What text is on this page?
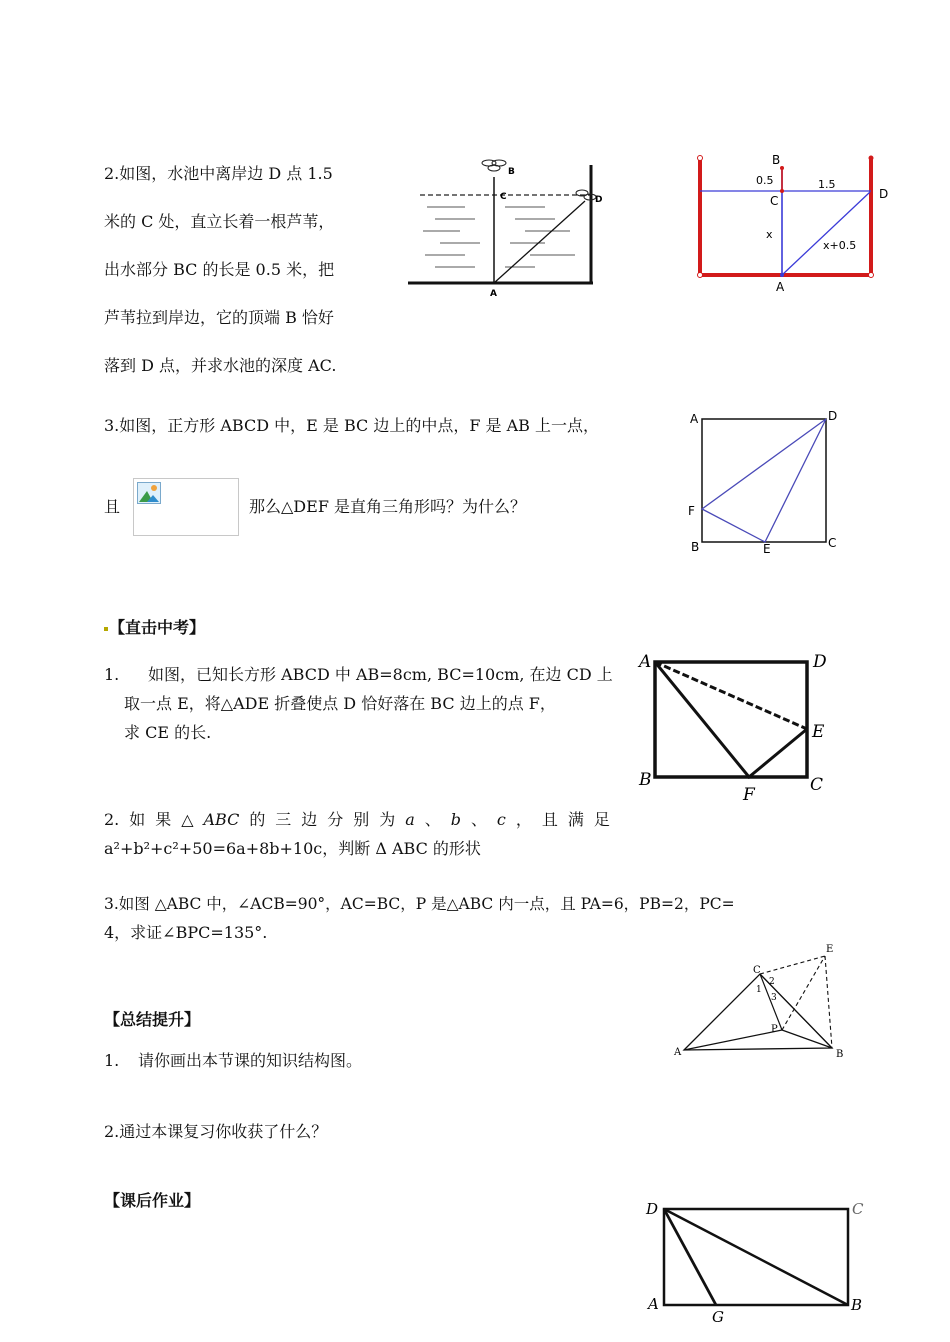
2.如图，水池中离岸边 D 点 1.5
米的 C 处，直立长着一根芦苇，
出水部分 BC 的长是 0.5 米，把
芦苇拉到岸边，它的顶端 B 恰好
落到 D 点，并求水池的深度 AC.
B
C	D
A
B
0.5	1.5
D
C
x
x+0.5
A
3.如图，正方形 ABCD 中，E 是 BC 边上的中点，F 是 AB 上一点，
且	那么△DEF 是直角三角形吗？为什么？
A	D
F
B	E	C
【直击中考】
1. 如图，已知长方形 ABCD 中 AB=8cm, BC=10cm, 在边 CD 上
取一点 E，将△ADE 折叠使点 D 恰好落在 BC 边上的点 F，
求 CE 的长.
A	D
E
B
F	C
2. 如 果 △ ABC 的 三 边 分 别 为 a 、 b 、 c ， 且 满 足
a²+b²+c²+50=6a+8b+10c，判断 Δ ABC 的形状
3.如图 △ABC 中，∠ACB=90°，AC=BC，P 是△ABC 内一点，且 PA=6，PB=2，PC=
4，求证∠BPC=135°.
E
C
2
1
3
P
A	B
【总结提升】
1. 请你画出本节课的知识结构图。
2.通过本课复习你收获了什么？
【课后作业】	D	C
A
G
B
